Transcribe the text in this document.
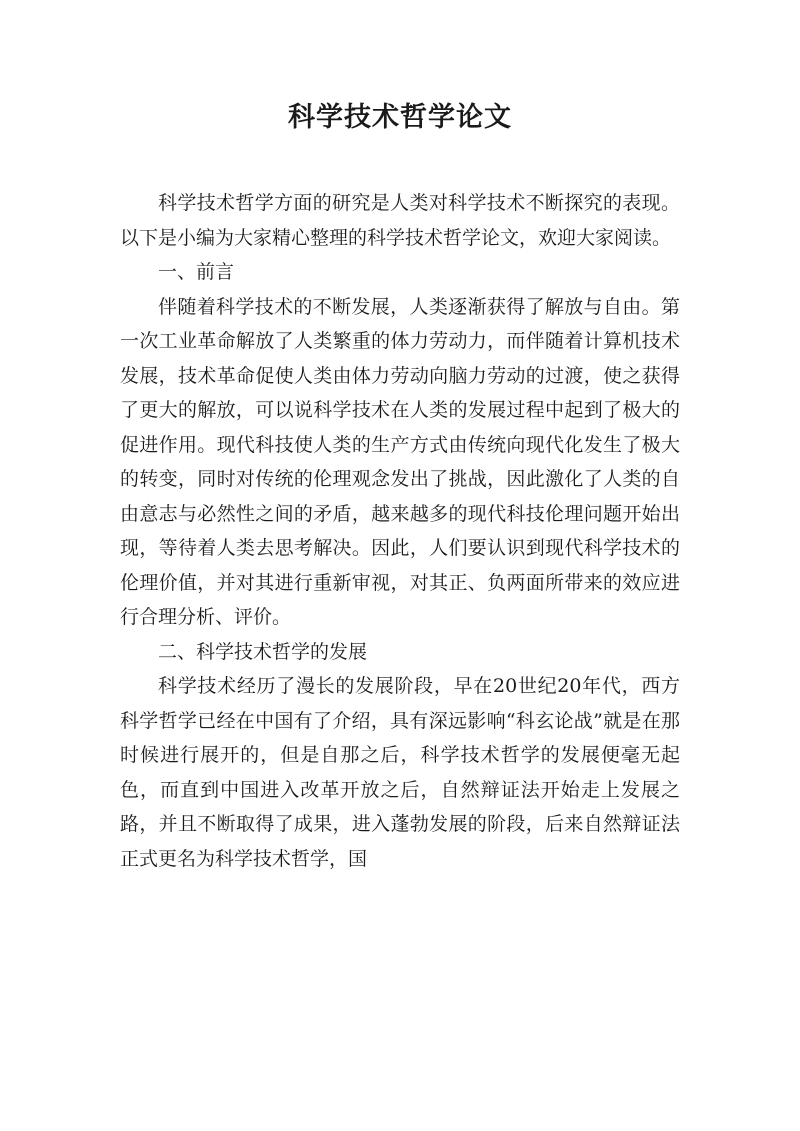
科学技术哲学论文

科学技术哲学方面的研究是人类对科学技术不断探究的表现。以下是小编为大家精心整理的科学技术哲学论文，欢迎大家阅读。

一、前言

伴随着科学技术的不断发展，人类逐渐获得了解放与自由。第一次工业革命解放了人类繁重的体力劳动力，而伴随着计算机技术发展，技术革命促使人类由体力劳动向脑力劳动的过渡，使之获得了更大的解放，可以说科学技术在人类的发展过程中起到了极大的促进作用。现代科技使人类的生产方式由传统向现代化发生了极大的转变，同时对传统的伦理观念发出了挑战，因此激化了人类的自由意志与必然性之间的矛盾，越来越多的现代科技伦理问题开始出现，等待着人类去思考解决。因此，人们要认识到现代科学技术的伦理价值，并对其进行重新审视，对其正、负两面所带来的效应进行合理分析、评价。

二、科学技术哲学的发展

科学技术经历了漫长的发展阶段，早在20世纪20年代，西方科学哲学已经在中国有了介绍，具有深远影响“科玄论战”就是在那时候进行展开的，但是自那之后，科学技术哲学的发展便毫无起色，而直到中国进入改革开放之后，自然辩证法开始走上发展之路，并且不断取得了成果，进入蓬勃发展的阶段，后来自然辩证法正式更名为科学技术哲学，国
